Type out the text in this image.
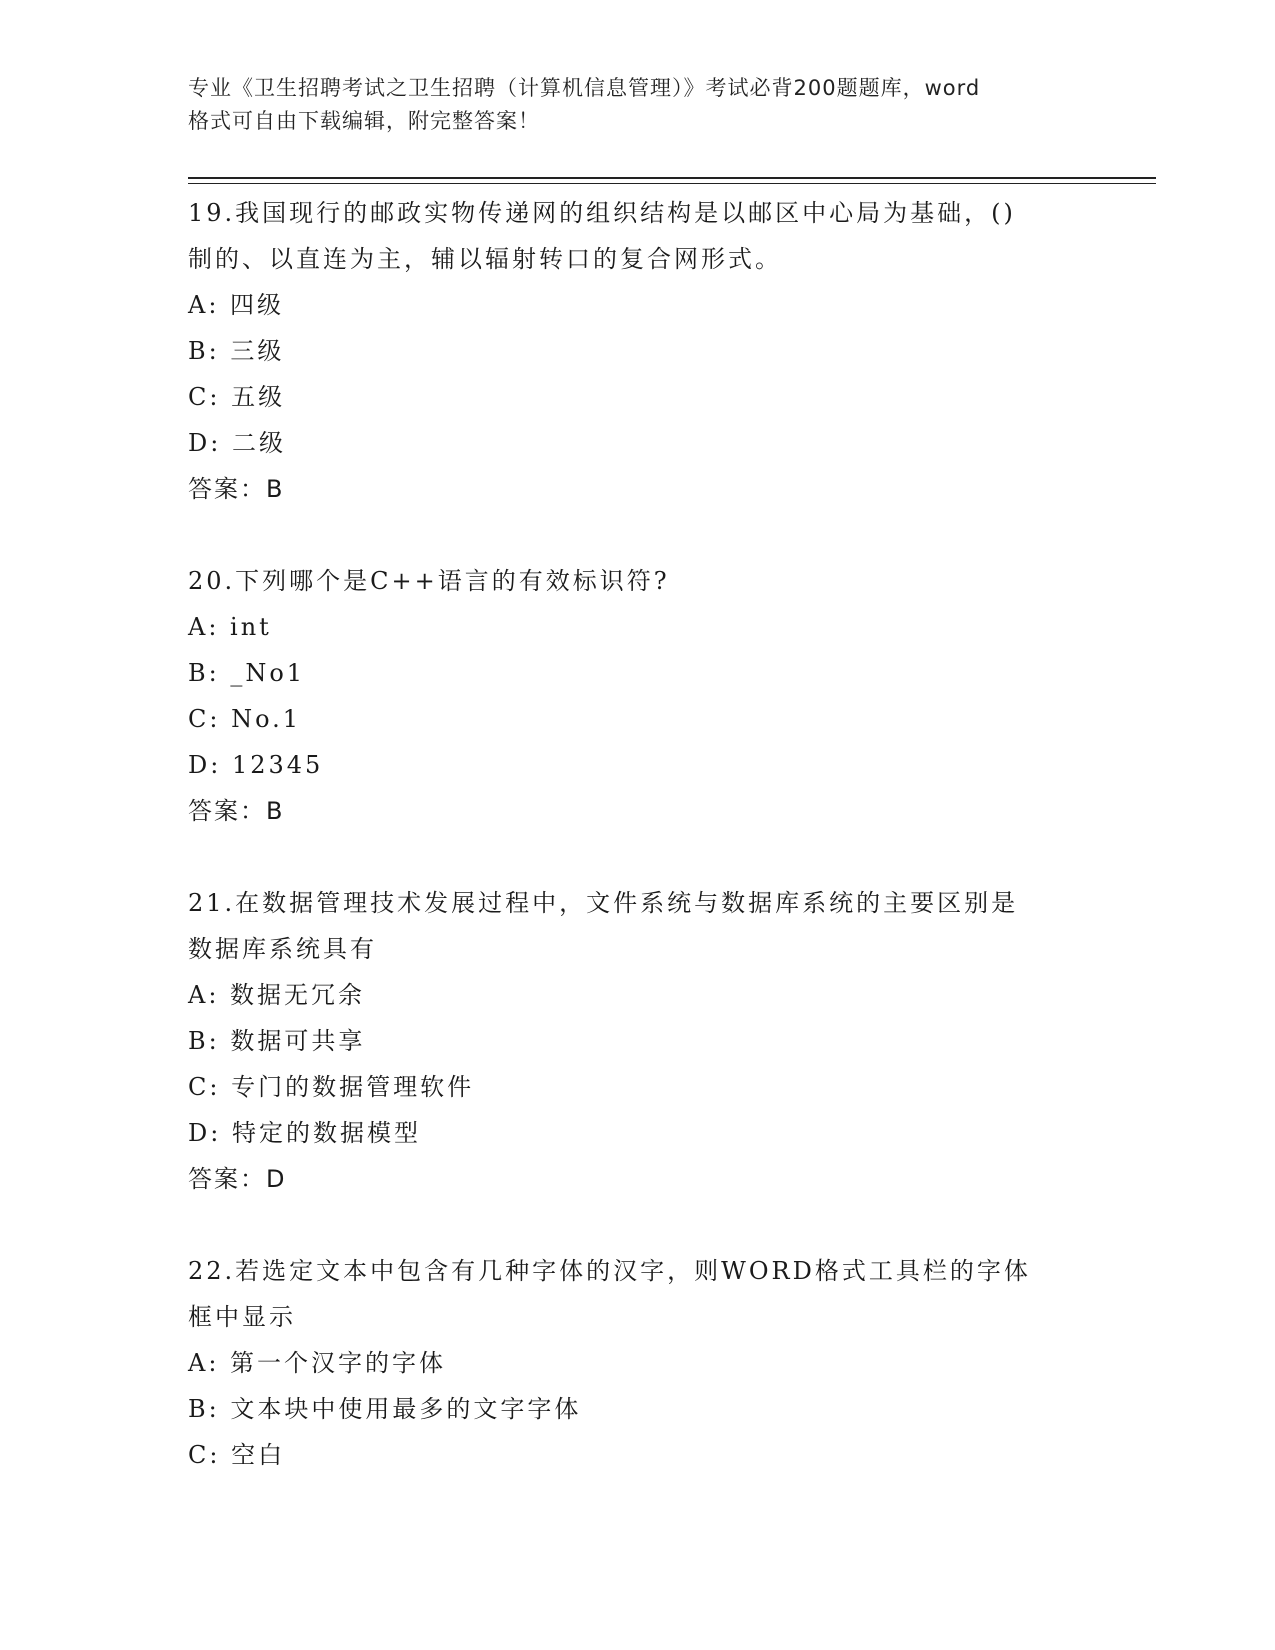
专业《卫生招聘考试之卫生招聘（计算机信息管理）》考试必背200题题库，word
格式可自由下载编辑，附完整答案！
19.我国现行的邮政实物传递网的组织结构是以邮区中心局为基础，()
制的、以直连为主，辅以辐射转口的复合网形式。
A: 四级
B: 三级
C: 五级
D: 二级
答案：B
20.下列哪个是C++语言的有效标识符?
A: int
B: _No1
C: No.1
D: 12345
答案：B
21.在数据管理技术发展过程中，文件系统与数据库系统的主要区别是
数据库系统具有
A: 数据无冗余
B: 数据可共享
C: 专门的数据管理软件
D: 特定的数据模型
答案：D
22.若选定文本中包含有几种字体的汉字，则WORD格式工具栏的字体
框中显示
A: 第一个汉字的字体
B: 文本块中使用最多的文字字体
C: 空白
